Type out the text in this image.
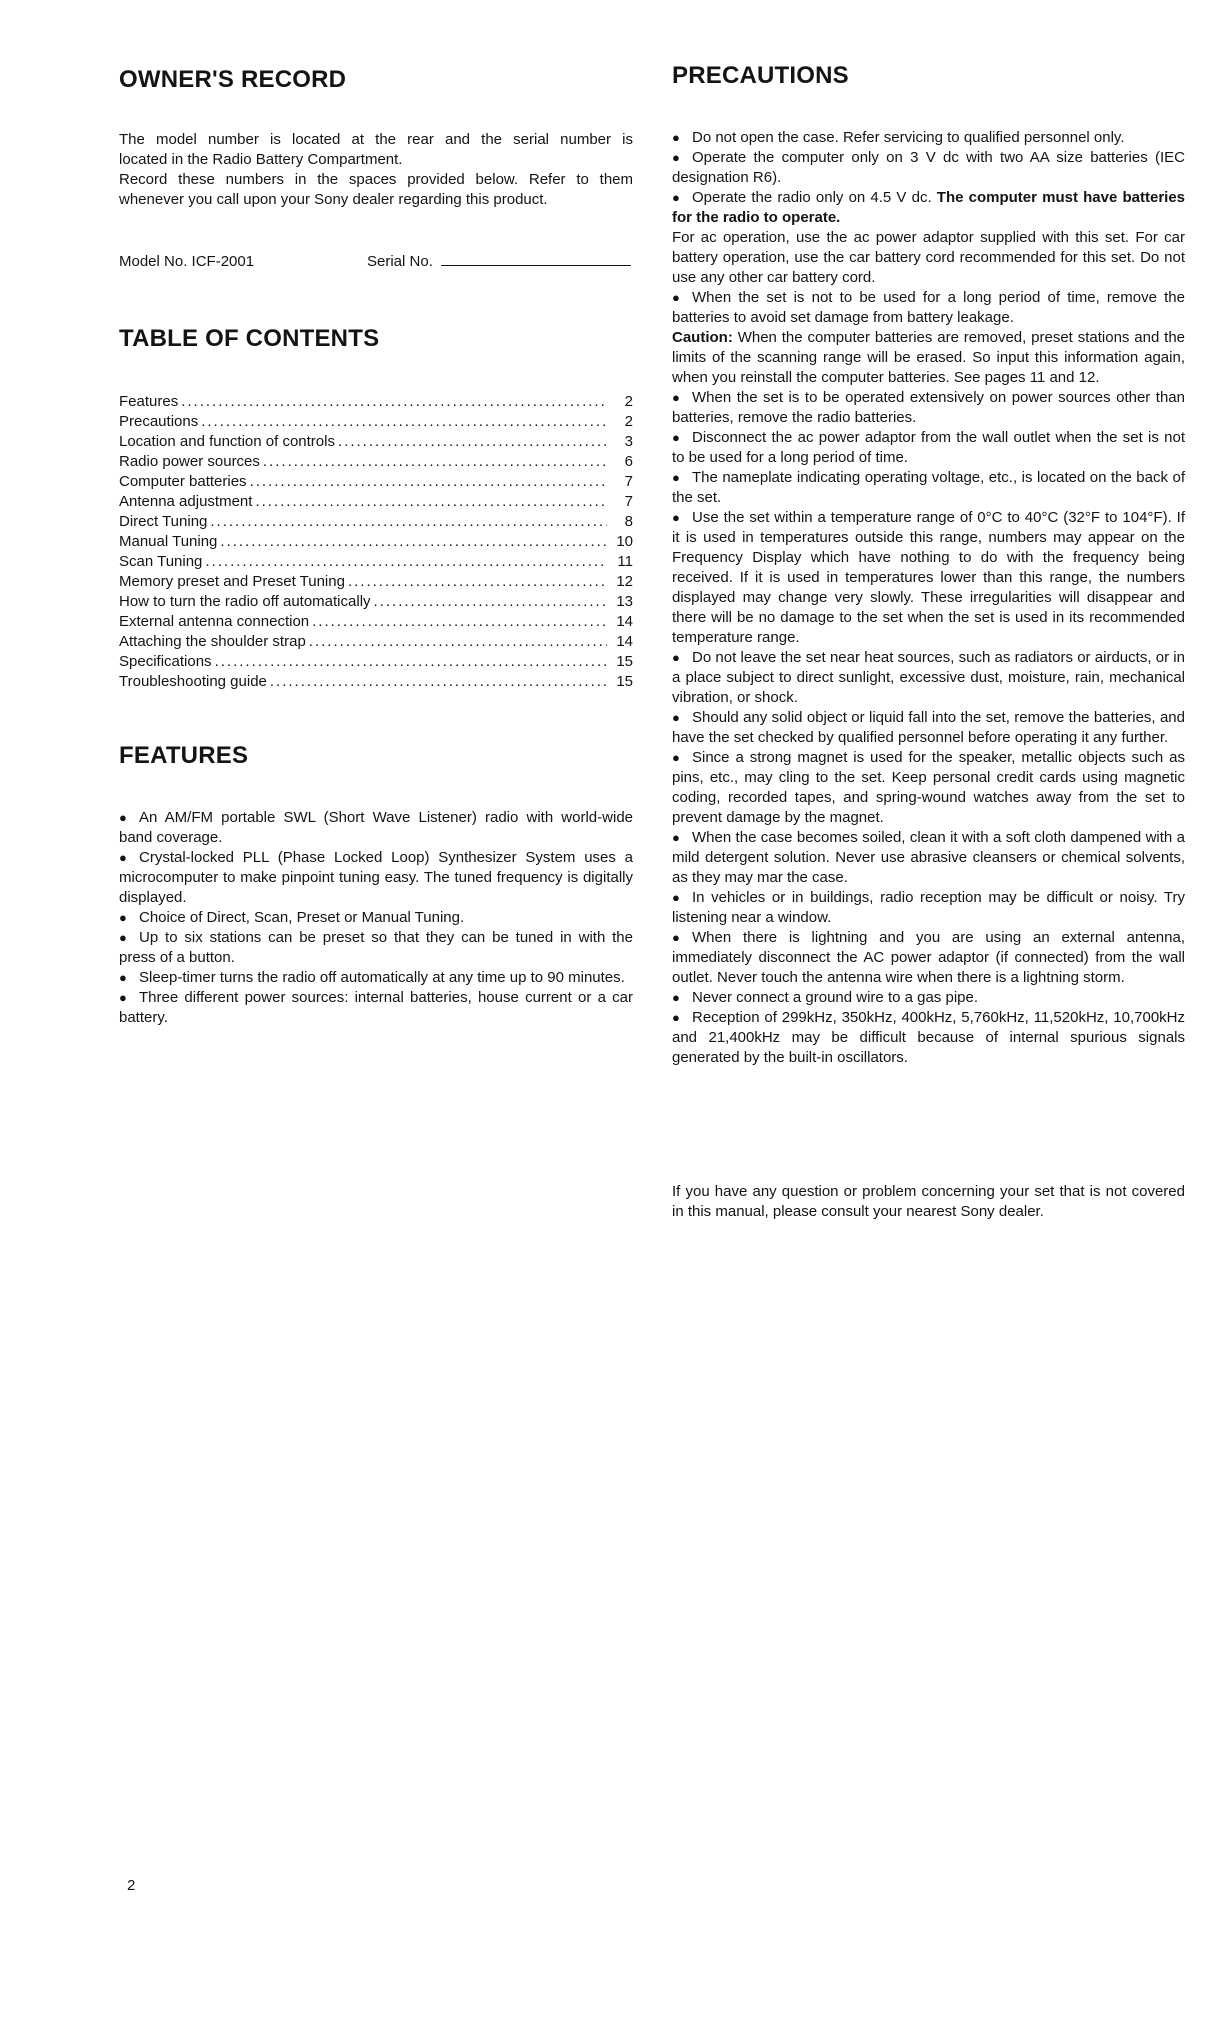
OWNER'S RECORD
The model number is located at the rear and the serial number is
located in the Radio Battery Compartment.
Record these numbers in the spaces provided below. Refer to them
whenever you call upon your Sony dealer regarding this product.
Model No. ICF-2001	Serial No.
TABLE OF CONTENTS
Features .....	2
Precautions .....	2
Location and function of controls .....	3
Radio power sources .....	6
Computer batteries .....	7
Antenna adjustment .....	7
Direct Tuning .....	8
Manual Tuning .....	10
Scan Tuning .....	11
Memory preset and Preset Tuning .....	12
How to turn the radio off automatically .....	13
External antenna connection .....	14
Attaching the shoulder strap .....	14
Specifications .....	15
Troubleshooting guide .....	15
FEATURES
● An AM/FM portable SWL (Short Wave Listener) radio with world-wide band coverage.
● Crystal-locked PLL (Phase Locked Loop) Synthesizer System uses a microcomputer to make pinpoint tuning easy. The tuned frequency is digitally displayed.
● Choice of Direct, Scan, Preset or Manual Tuning.
● Up to six stations can be preset so that they can be tuned in with the press of a button.
● Sleep-timer turns the radio off automatically at any time up to 90 minutes.
● Three different power sources: internal batteries, house current or a car battery.
2
PRECAUTIONS

● Do not open the case. Refer servicing to qualified personnel only.

● Operate the computer only on 3 V dc with two AA size batteries (IEC designation R6).

● Operate the radio only on 4.5 V dc. The computer must have batteries for the radio to operate.

For ac operation, use the ac power adaptor supplied with this set. For car battery operation, use the car battery cord recommended for this set. Do not use any other car battery cord.

● When the set is not to be used for a long period of time, remove the batteries to avoid set damage from battery leakage.

Caution: When the computer batteries are removed, preset stations and the limits of the scanning range will be erased. So input this information again, when you reinstall the computer batteries. See pages 11 and 12.

● When the set is to be operated extensively on power sources other than batteries, remove the radio batteries.

● Disconnect the ac power adaptor from the wall outlet when the set is not to be used for a long period of time.

● The nameplate indicating operating voltage, etc., is located on the back of the set.

● Use the set within a temperature range of 0°C to 40°C (32°F to 104°F). If it is used in temperatures outside this range, numbers may appear on the Frequency Display which have nothing to do with the frequency being received. If it is used in temperatures lower than this range, the numbers displayed may change very slowly. These irregularities will disappear and there will be no damage to the set when the set is used in its recommended temperature range.

● Do not leave the set near heat sources, such as radiators or airducts, or in a place subject to direct sunlight, excessive dust, moisture, rain, mechanical vibration, or shock.

● Should any solid object or liquid fall into the set, remove the batteries, and have the set checked by qualified personnel before operating it any further.

● Since a strong magnet is used for the speaker, metallic objects such as pins, etc., may cling to the set. Keep personal credit cards using magnetic coding, recorded tapes, and spring-wound watches away from the set to prevent damage by the magnet.

● When the case becomes soiled, clean it with a soft cloth dampened with a mild detergent solution. Never use abrasive cleansers or chemical solvents, as they may mar the case.

● In vehicles or in buildings, radio reception may be difficult or noisy. Try listening near a window.

● When there is lightning and you are using an external antenna, immediately disconnect the AC power adaptor (if connected) from the wall outlet. Never touch the antenna wire when there is a lightning storm.

● Never connect a ground wire to a gas pipe.

● Reception of 299kHz, 350kHz, 400kHz, 5,760kHz, 11,520kHz, 10,700kHz and 21,400kHz may be difficult because of internal spurious signals generated by the built-in oscillators.

If you have any question or problem concerning your set that is not covered in this manual, please consult your nearest Sony dealer.
